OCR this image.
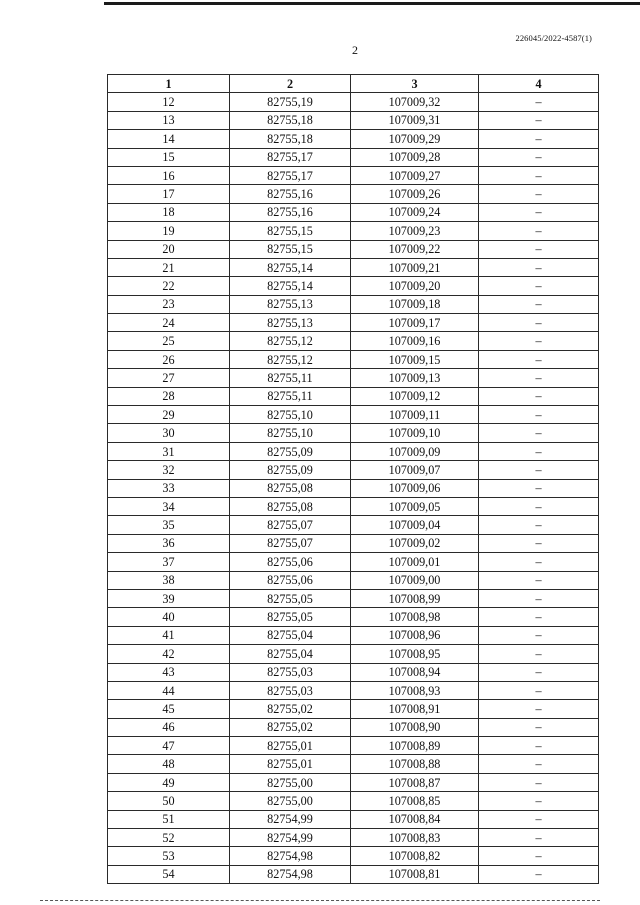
226045/2022-4587(1)
2
1	2	3	4
12	82755,19	107009,32	–
13	82755,18	107009,31	–
14	82755,18	107009,29	–
15	82755,17	107009,28	–
16	82755,17	107009,27	–
17	82755,16	107009,26	–
18	82755,16	107009,24	–
19	82755,15	107009,23	–
20	82755,15	107009,22	–
21	82755,14	107009,21	–
22	82755,14	107009,20	–
23	82755,13	107009,18	–
24	82755,13	107009,17	–
25	82755,12	107009,16	–
26	82755,12	107009,15	–
27	82755,11	107009,13	–
28	82755,11	107009,12	–
29	82755,10	107009,11	–
30	82755,10	107009,10	–
31	82755,09	107009,09	–
32	82755,09	107009,07	–
33	82755,08	107009,06	–
34	82755,08	107009,05	–
35	82755,07	107009,04	–
36	82755,07	107009,02	–
37	82755,06	107009,01	–
38	82755,06	107009,00	–
39	82755,05	107008,99	–
40	82755,05	107008,98	–
41	82755,04	107008,96	–
42	82755,04	107008,95	–
43	82755,03	107008,94	–
44	82755,03	107008,93	–
45	82755,02	107008,91	–
46	82755,02	107008,90	–
47	82755,01	107008,89	–
48	82755,01	107008,88	–
49	82755,00	107008,87	–
50	82755,00	107008,85	–
51	82754,99	107008,84	–
52	82754,99	107008,83	–
53	82754,98	107008,82	–
54	82754,98	107008,81	–
